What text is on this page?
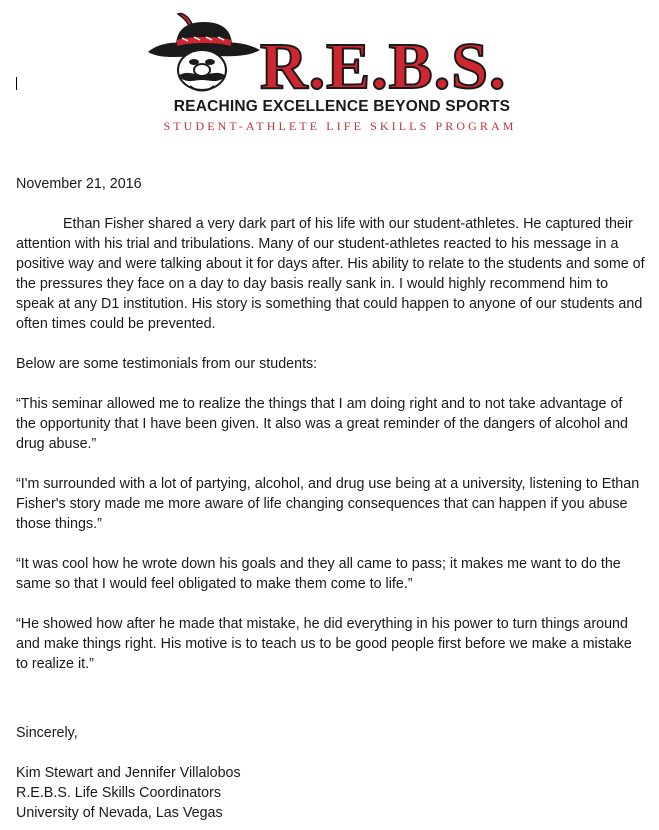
R.E.B.S.
REACHING EXCELLENCE BEYOND SPORTS
STUDENT-ATHLETE LIFE SKILLS PROGRAM

November 21, 2016

Ethan Fisher shared a very dark part of his life with our student-athletes. He captured their attention with his trial and tribulations. Many of our student-athletes reacted to his message in a positive way and were talking about it for days after. His ability to relate to the students and some of the pressures they face on a day to day basis really sank in. I would highly recommend him to speak at any D1 institution. His story is something that could happen to anyone of our students and often times could be prevented.

Below are some testimonials from our students:

“This seminar allowed me to realize the things that I am doing right and to not take advantage of the opportunity that I have been given. It also was a great reminder of the dangers of alcohol and drug abuse.”

“I'm surrounded with a lot of partying, alcohol, and drug use being at a university, listening to Ethan Fisher's story made me more aware of life changing consequences that can happen if you abuse those things.”

“It was cool how he wrote down his goals and they all came to pass; it makes me want to do the same so that I would feel obligated to make them come to life.”

“He showed how after he made that mistake, he did everything in his power to turn things around and make things right. His motive is to teach us to be good people first before we make a mistake to realize it.”

Sincerely,

Kim Stewart and Jennifer Villalobos

R.E.B.S. Life Skills Coordinators

University of Nevada, Las Vegas
